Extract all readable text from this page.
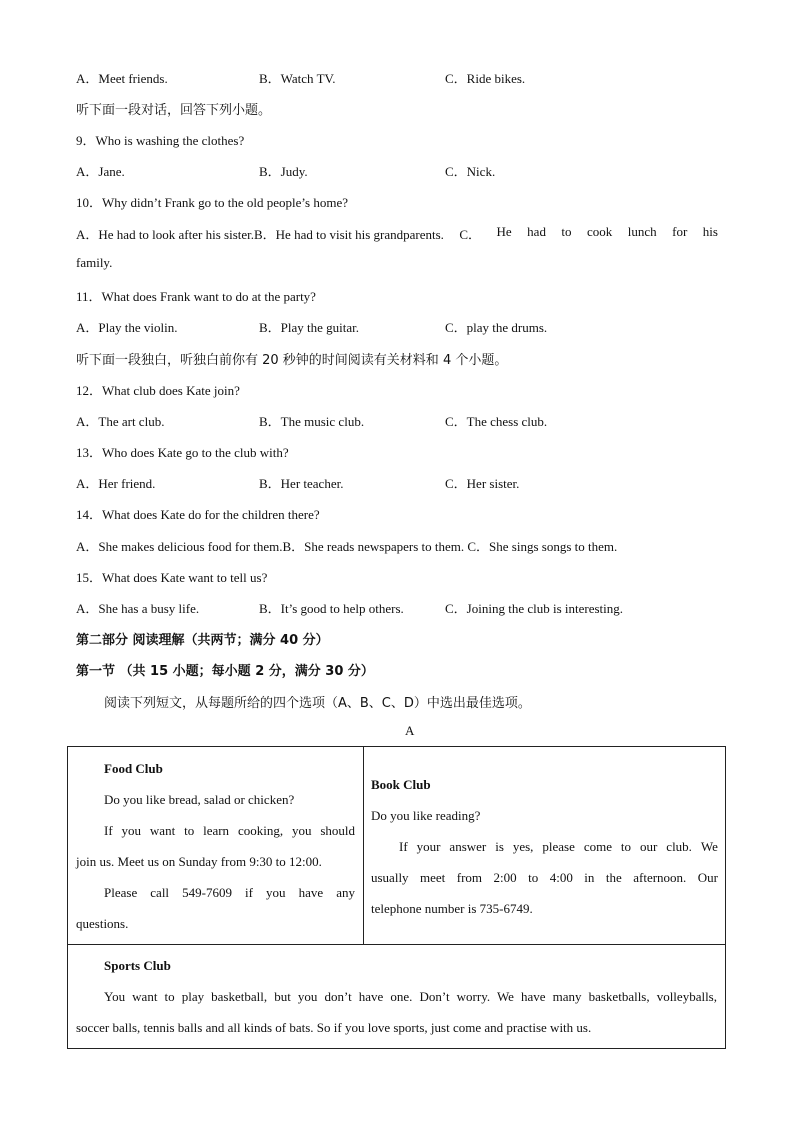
A．Meet friends.	B．Watch TV.	C．Ride bikes.
听下面一段对话，回答下列小题。
9．Who is washing the clothes?
A．Jane.	B．Judy.	C．Nick.
10．Why didn’t Frank go to the old people’s home?
A．He had to look after his sister.B．He had to visit his grandparents. C． He had to cook lunch for his
family.
11．What does Frank want to do at the party?
A．Play the violin.	B．Play the guitar.	C．play the drums.
听下面一段独白，听独白前你有 20 秒钟的时间阅读有关材料和 4 个小题。
12．What club does Kate join?
A．The art club.	B．The music club.	C．The chess club.
13．Who does Kate go to the club with?
A．Her friend.	B．Her teacher.	C．Her sister.
14．What does Kate do for the children there?
A．She makes delicious food for them.B．She reads newspapers to them. C．She sings songs to them.
15．What does Kate want to tell us?
A．She has a busy life.	B．It’s good to help others.	C．Joining the club is interesting.
第二部分 阅读理解（共两节；满分 40 分）
第一节 （共 15 小题；每小题 2 分，满分 30 分）
阅读下列短文，从每题所给的四个选项（A、B、C、D）中选出最佳选项。
A

Food Club

Do you like bread, salad or chicken?

If you want to learn cooking, you should

join us. Meet us on Sunday from 9:30 to 12:00.

Please call 549-7609 if you have any

questions.

Book Club

Do you like reading?

If your answer is yes, please come to our club. We

usually meet from 2:00 to 4:00 in the afternoon. Our

telephone number is 735-6749.

Sports Club

You want to play basketball, but you don’t have one. Don’t worry. We have many basketballs, volleyballs,

soccer balls, tennis balls and all kinds of bats. So if you love sports, just come and practise with us.
